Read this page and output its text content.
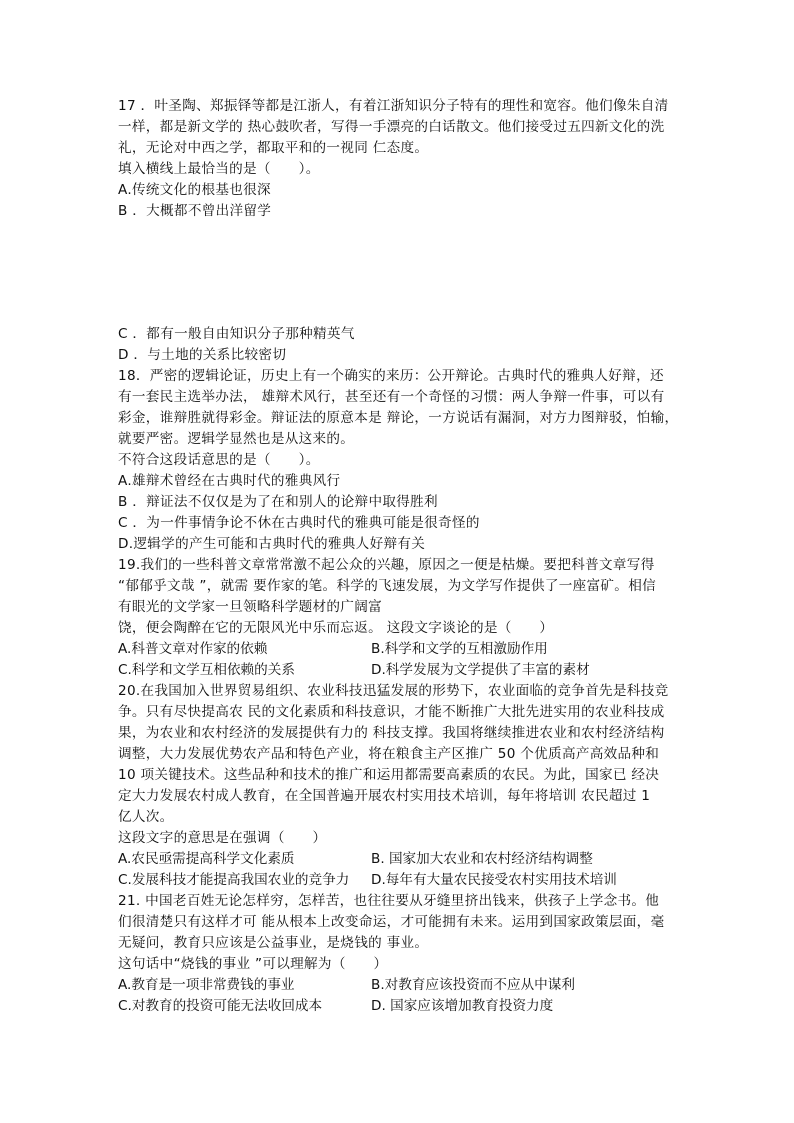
17 ．叶圣陶、郑振铎等都是江浙人，有着江浙知识分子特有的理性和宽容。他们像朱自清
一样，都是新文学的 热心鼓吹者，写得一手漂亮的白话散文。他们接受过五四新文化的洗
礼，无论对中西之学，都取平和的一视同 仁态度。
填入横线上最恰当的是（　　）。
A.传统文化的根基也很深
B ．大概都不曾出洋留学
C ．都有一般自由知识分子那种精英气
D ．与土地的关系比较密切
18．严密的逻辑论证，历史上有一个确实的来历：公开辩论。古典时代的雅典人好辩，还
有一套民主选举办法， 雄辩术风行，甚至还有一个奇怪的习惯：两人争辩一件事，可以有
彩金，谁辩胜就得彩金。辩证法的原意本是 辩论，一方说话有漏洞，对方力图辩驳，怕输，
就要严密。逻辑学显然也是从这来的。
不符合这段话意思的是（　　）。
A.雄辩术曾经在古典时代的雅典风行
B ．辩证法不仅仅是为了在和别人的论辩中取得胜利
C ．为一件事情争论不休在古典时代的雅典可能是很奇怪的
D.逻辑学的产生可能和古典时代的雅典人好辩有关
19.我们的一些科普文章常常激不起公众的兴趣，原因之一便是枯燥。要把科普文章写得
“郁郁乎文哉 ”，就需 要作家的笔。科学的飞速发展，为文学写作提供了一座富矿。相信
有眼光的文学家一旦领略科学题材的广阔富
饶，便会陶醉在它的无限风光中乐而忘返。 这段文字谈论的是（　　）
A.科普文章对作家的依赖	B.科学和文学的互相激励作用
C.科学和文学互相依赖的关系	D.科学发展为文学提供了丰富的素材
20.在我国加入世界贸易组织、农业科技迅猛发展的形势下，农业面临的竞争首先是科技竞
争。只有尽快提高农 民的文化素质和科技意识，才能不断推广大批先进实用的农业科技成
果，为农业和农村经济的发展提供有力的 科技支撑。我国将继续推进农业和农村经济结构
调整，大力发展优势农产品和特色产业，将在粮食主产区推广 50 个优质高产高效品种和
10 项关键技术。这些品种和技术的推广和运用都需要高素质的农民。为此，国家已 经决
定大力发展农村成人教育，在全国普遍开展农村实用技术培训，每年将培训 农民超过 1
亿人次。
这段文字的意思是在强调（　　）
A.农民亟需提高科学文化素质	B. 国家加大农业和农村经济结构调整
C.发展科技才能提高我国农业的竞争力	D.每年有大量农民接受农村实用技术培训
21. 中国老百姓无论怎样穷，怎样苦，也往往要从牙缝里挤出钱来，供孩子上学念书。他
们很清楚只有这样才可 能从根本上改变命运，才可能拥有未来。运用到国家政策层面，毫
无疑问，教育只应该是公益事业，是烧钱的 事业。
这句话中“烧钱的事业 ”可以理解为（　　）
A.教育是一项非常费钱的事业	B.对教育应该投资而不应从中谋利
C.对教育的投资可能无法收回成本	D. 国家应该增加教育投资力度
